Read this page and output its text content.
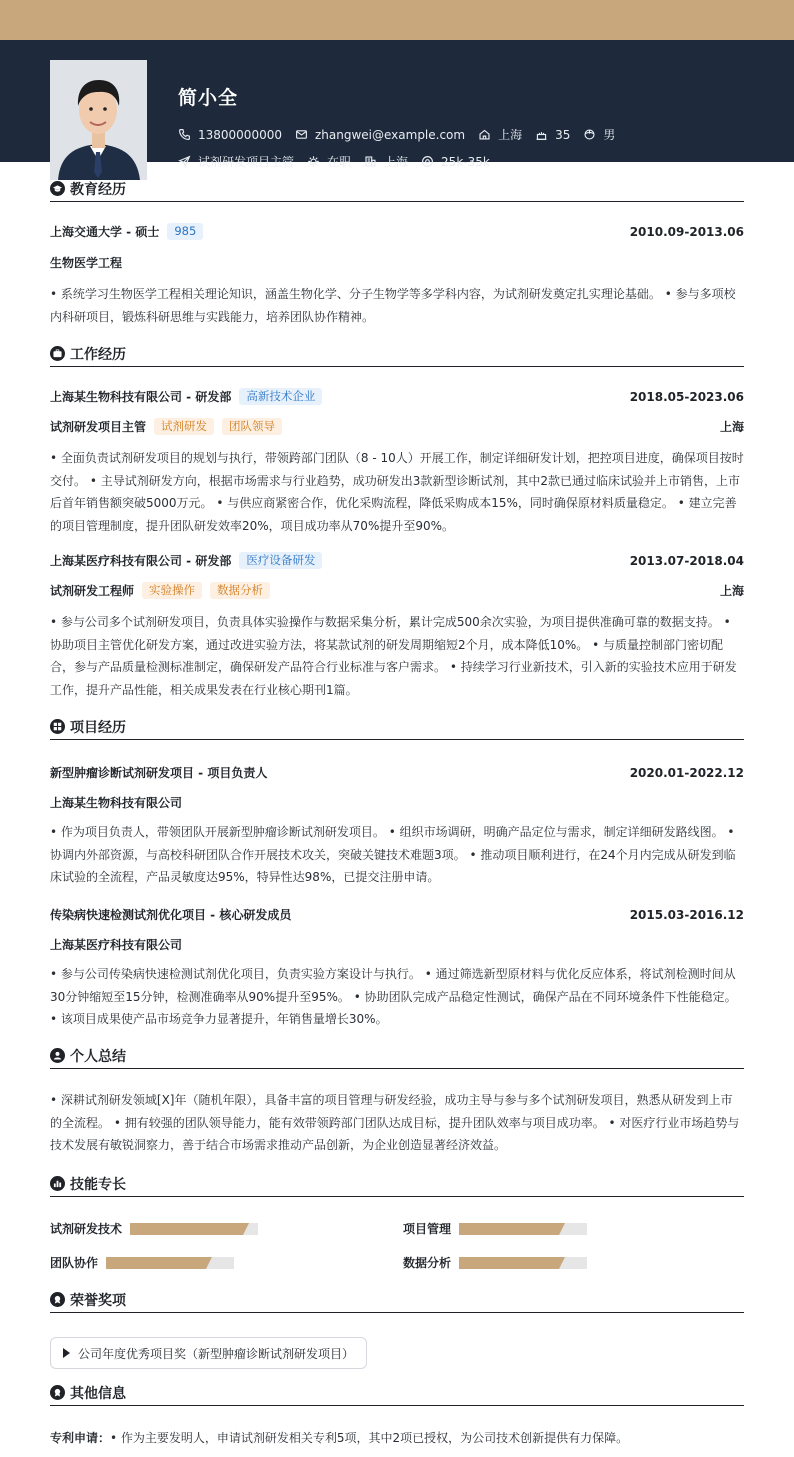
简小全
13800000000	zhangwei@example.com	上海	35	男
试剂研发项目主管	在职	上海	25k-35k
教育经历
上海交通大学 - 硕士	985	2010.09-2013.06
生物医学工程
• 系统学习生物医学工程相关理论知识，涵盖生物化学、分子生物学等多学科内容，为试剂研发奠定扎实理论基础。 • 参与多项校内科研项目，锻炼科研思维与实践能力，培养团队协作精神。
工作经历
上海某生物科技有限公司 - 研发部	高新技术企业	2018.05-2023.06
试剂研发项目主管	试剂研发	团队领导	上海
• 全面负责试剂研发项目的规划与执行，带领跨部门团队（8 - 10人）开展工作，制定详细研发计划，把控项目进度，确保项目按时交付。 • 主导试剂研发方向，根据市场需求与行业趋势，成功研发出3款新型诊断试剂，其中2款已通过临床试验并上市销售，上市后首年销售额突破5000万元。 • 与供应商紧密合作，优化采购流程，降低采购成本15%，同时确保原材料质量稳定。 • 建立完善的项目管理制度，提升团队研发效率20%，项目成功率从70%提升至90%。
上海某医疗科技有限公司 - 研发部	医疗设备研发	2013.07-2018.04
试剂研发工程师	实验操作	数据分析	上海
• 参与公司多个试剂研发项目，负责具体实验操作与数据采集分析，累计完成500余次实验，为项目提供准确可靠的数据支持。 • 协助项目主管优化研发方案，通过改进实验方法，将某款试剂的研发周期缩短2个月，成本降低10%。 • 与质量控制部门密切配合，参与产品质量检测标准制定，确保研发产品符合行业标准与客户需求。 • 持续学习行业新技术，引入新的实验技术应用于研发工作，提升产品性能，相关成果发表在行业核心期刊1篇。
项目经历
新型肿瘤诊断试剂研发项目 - 项目负责人	2020.01-2022.12
上海某生物科技有限公司
• 作为项目负责人，带领团队开展新型肿瘤诊断试剂研发项目。 • 组织市场调研，明确产品定位与需求，制定详细研发路线图。 • 协调内外部资源，与高校科研团队合作开展技术攻关，突破关键技术难题3项。 • 推动项目顺利进行，在24个月内完成从研发到临床试验的全流程，产品灵敏度达95%，特异性达98%，已提交注册申请。
传染病快速检测试剂优化项目 - 核心研发成员	2015.03-2016.12
上海某医疗科技有限公司
• 参与公司传染病快速检测试剂优化项目，负责实验方案设计与执行。 • 通过筛选新型原材料与优化反应体系，将试剂检测时间从30分钟缩短至15分钟，检测准确率从90%提升至95%。 • 协助团队完成产品稳定性测试，确保产品在不同环境条件下性能稳定。 • 该项目成果使产品市场竞争力显著提升，年销售量增长30%。
个人总结
• 深耕试剂研发领域[X]年（随机年限），具备丰富的项目管理与研发经验，成功主导与参与多个试剂研发项目，熟悉从研发到上市的全流程。 • 拥有较强的团队领导能力，能有效带领跨部门团队达成目标，提升团队效率与项目成功率。 • 对医疗行业市场趋势与技术发展有敏锐洞察力，善于结合市场需求推动产品创新，为企业创造显著经济效益。
技能专长
试剂研发技术	项目管理
团队协作	数据分析
荣誉奖项
公司年度优秀项目奖（新型肿瘤诊断试剂研发项目）
其他信息
专利申请：• 作为主要发明人，申请试剂研发相关专利5项，其中2项已授权，为公司技术创新提供有力保障。
